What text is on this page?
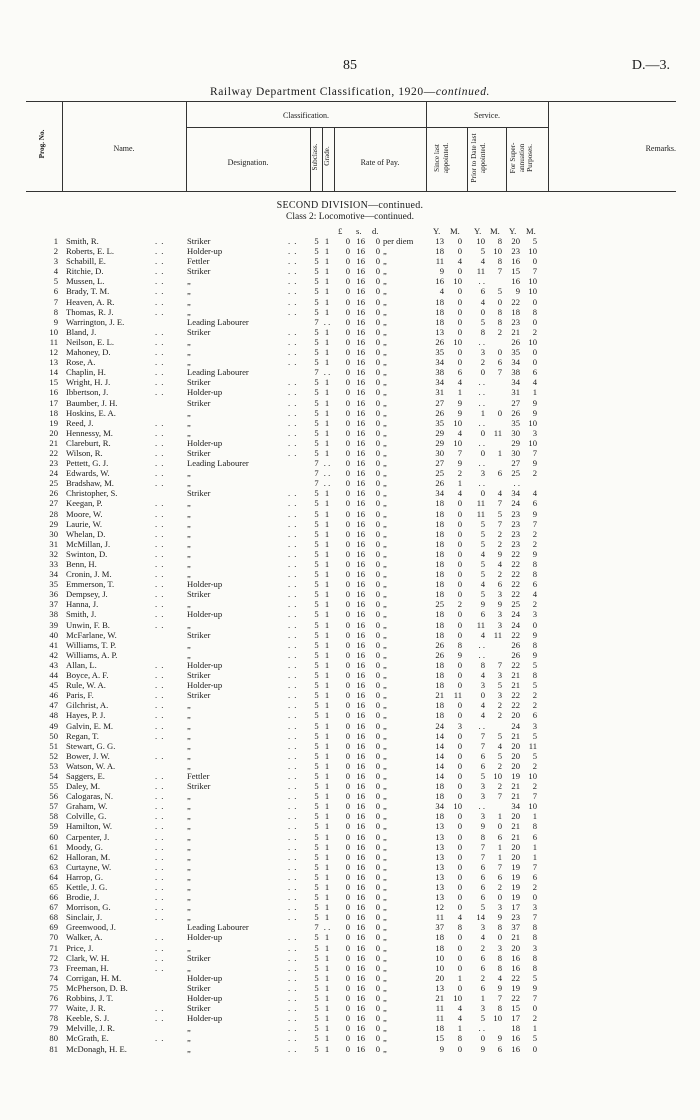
85	D.—3.
Railway Department Classification, 1920—continued.
Prog. No.	Name.
Classification.	Service.
Designation.	Subclass. Grade.	Rate of Pay.	Since last appointed.	Prior to Date last appointed.	For Super- annuation Purposes.	Remarks.
SECOND DIVISION—continued.
Class 2: Locomotive—continued.
£ s. d.	Y. M. Y. M. Y. M.
1 Smith, R.	. .	Striker	. . 5 1	0 16	0 per diem	13	0	10	8	20	5
2 Roberts, E. L.	. .	Holder-up	. . 5 1	0 16	0 „	18	0	5 10	23 10
3 Schabill, E.	. .	Fettler	. . 5 1	0 16	0 „	11	4	4	8	16	0
4 Ritchie, D.	. .	Striker	. . 5 1	0 16	0 „	9	0	11	7	15	7
5 Mussen, L.	. .	„	. . 5 1	0 16	0 „	16	10	. .	16 10
6 Brady, T. M.	. .	„	. . 5 1	0 16	0 „	4	0	6	5	9 10
7 Heaven, A. R.	. .	„	. . 5 1	0 16	0 „	18	0	4	0	22	0
8 Thomas, R. J.	. .	„	. . 5 1	0 16	0 „	18	0	0	8	18	8
9 Warrington, J. E.	Leading Labourer	7 . .	0 16	0 „	18	0	5	8	23	0
10 Bland, J.	. .	Striker	. . 5 1	0 16	0 „	13	0	8	2	21	2
11 Neilson, E. L.	. .	„	. . 5 1	0 16	0 „	26	10	. .	26 10
12 Mahoney, D.	. .	„	. . 5 1	0 16	0 „	35	0	3	0	35	0
13 Rose, A.	. .	„	. . 5 1	0 16	0 „	34	0	2	6	34	0
14 Chaplin, H.	. .	Leading Labourer	7 . .	0 16	0 „	38	6	0	7	38	6
15 Wright, H. J.	. .	Striker	. . 5 1	0 16	0 „	34	4	. .	34	4
16 Ibbertson, J.	. .	Holder-up	. . 5 1	0 16	0 „	31	1	. .	31	1
17 Baumber, J. H.	Striker	. . 5 1	0 16	0 „	27	9	. .	27	9
18 Hoskins, E. A.	„	. . 5 1	0 16	0 „	26	9	1	0	26	9
19 Reed, J.	. .	„	. . 5 1	0 16	0 „	35	10	. .	35 10
20 Hennessy, M.	. .	„	. . 5 1	0 16	0 „	29	4	0	11	30	3
21 Clareburt, R.	. .	Holder-up	. . 5 1	0 16	0 „	29	10	. .	29 10
22 Wilson, R.	. .	Striker	. . 5 1	0 16	0 „	30	7	0	1	30	7
23 Pettett, G. J.	. .	Leading Labourer	7 . .	0 16	0 „	27	9	. .	27	9
24 Edwards, W.	. .	„	7 . .	0 16	0 „	25	2	3	6	25	2
25 Bradshaw, M.	. .	„	7 . .	0 16	0 „	26	1	. .	. .
26 Christopher, S.	Striker	. . 5 1	0 16	0 „	34	4	0	4	34	4
27 Keegan, P.	. .	„	. . 5 1	0 16	0 „	18	0	11	7	24	6
28 Moore, W.	. .	„	. . 5 1	0 16	0 „	18	0	11	5	23	9
29 Laurie, W.	. .	„	. . 5 1	0 16	0 „	18	0	5	7	23	7
30 Whelan, D.	. .	„	. . 5 1	0 16	0 „	18	0	5	2	23	2
31 McMillan, J.	. .	„	. . 5 1	0 16	0 „	18	0	5	2	23	2
32 Swinton, D.	. .	„	. . 5 1	0 16	0 „	18	0	4	9	22	9
33 Benn, H.	. .	„	. . 5 1	0 16	0 „	18	0	5	4	22	8
34 Cronin, J. M.	. .	„	. . 5 1	0 16	0 „	18	0	5	2	22	8
35 Emmerson, T.	. .	Holder-up	. . 5 1	0 16	0 „	18	0	4	6	22	6
36 Dempsey, J.	. .	Striker	. . 5 1	0 16	0 „	18	0	5	3	22	4
37 Hanna, J.	. .	„	. . 5 1	0 16	0 „	25	2	9	9	25	2
38 Smith, J.	. .	Holder-up	. . 5 1	0 16	0 „	18	0	6	3	24	3
39 Unwin, F. B.	. .	„	. . 5 1	0 16	0 „	18	0	11	3	24	0
40 McFarlane, W.	Striker	. . 5 1	0 16	0 „	18	0	4	11	22	9
41 Williams, T. P.	„	. . 5 1	0 16	0 „	26	8	. .	26	8
42 Williams, A. P.	„	. . 5 1	0 16	0 „	26	9	. .	26	9
43 Allan, L.	. .	Holder-up	. . 5 1	0 16	0 „	18	0	8	7	22	5
44 Boyce, A. F.	. .	Striker	. . 5 1	0 16	0 „	18	0	4	3	21	8
45 Rule, W. A.	. .	Holder-up	. . 5 1	0 16	0 „	18	0	3	5	21	5
46 Paris, F.	. .	Striker	. . 5 1	0 16	0 „	21	11	0	3	22	2
47 Gilchrist, A.	. .	„	. . 5 1	0 16	0 „	18	0	4	2	22	2
48 Hayes, P. J.	. .	„	. . 5 1	0 16	0 „	18	0	4	2	20	6
49 Galvin, E. M.	. .	„	. . 5 1	0 16	0 „	24	3	. .	24	3
50 Regan, T.	. .	„	. . 5 1	0 16	0 „	14	0	7	5	21	5
51 Stewart, G. G.	„	. . 5 1	0 16	0 „	14	0	7	4	20	11
52 Bower, J. W.	. .	„	. . 5 1	0 16	0 „	14	0	6	5	20	5
53 Watson, W. A.	„	. . 5 1	0 16	0 „	14	0	6	2	20	2
54 Saggers, E.	. .	Fettler	. . 5 1	0 16	0 „	14	0	5 10	19 10
55 Daley, M.	. .	Striker	. . 5 1	0 16	0 „	18	0	3	2	21	2
56 Calogaras, N.	. .	„	. . 5 1	0 16	0 „	18	0	3	7	21	7
57 Graham, W.	. .	„	. . 5 1	0 16	0 „	34	10	. .	34 10
58 Colville, G.	. .	„	. . 5 1	0 16	0 „	18	0	3	1	20	1
59 Hamilton, W.	. .	„	. . 5 1	0 16	0 „	13	0	9	0	21	8
60 Carpenter, J.	. .	„	. . 5 1	0 16	0 „	13	0	8	6	21	6
61 Moody, G.	. .	„	. . 5 1	0 16	0 „	13	0	7	1	20	1
62 Halloran, M.	. .	„	. . 5 1	0 16	0 „	13	0	7	1	20	1
63 Curtayne, W.	. .	„	. . 5 1	0 16	0 „	13	0	6	7	19	7
64 Harrop, G.	. .	„	. . 5 1	0 16	0 „	13	0	6	6	19	6
65 Kettle, J. G.	. .	„	. . 5 1	0 16	0 „	13	0	6	2	19	2
66 Brodie, J.	. .	„	. . 5 1	0 16	0 „	13	0	6	0	19	0
67 Morrison, G.	. .	„	. . 5 1	0 16	0 „	12	0	5	3	17	3
68 Sinclair, J.	. .	„	. . 5 1	0 16	0 „	11	4	14	9	23	7
69 Greenwood, J.	Leading Labourer	7 . .	0 16	0 „	37	8	3	8	37	8
70 Walker, A.	. .	Holder-up	. . 5 1	0 16	0 „	18	0	4	0	21	8
71 Price, J.	. .	„	. . 5 1	0 16	0 „	18	0	2	3	20	3
72 Clark, W. H.	. .	Striker	. . 5 1	0 16	0 „	10	0	6	8	16	8
73 Freeman, H.	. .	„	. . 5 1	0 16	0 „	10	0	6	8	16	8
74 Corrigan, H. M.	Holder-up	. . 5 1	0 16	0 „	20	1	2	4	22	5
75 McPherson, D. B.	Striker	. . 5 1	0 16	0 „	13	0	6	9	19	9
76 Robbins, J. T.	Holder-up	. . 5 1	0 16	0 „	21	10	1	7	22	7
77 Waite, J. R.	. .	Striker	. . 5 1	0 16	0 „	11	4	3	8	15	0
78 Keeble, S. J.	. .	Holder-up	. . 5 1	0 16	0 „	11	4	5 10	17	2
79 Melville, J. R.	„	. . 5 1	0 16	0 „	18	1	. .	18	1
80 McGrath, E.	. .	„	. . 5 1	0 16	0 „	15	8	0	9	16	5
81 McDonagh, H. E.	„	. . 5 1	0 16	0 „	9	0	9	6	16	0
